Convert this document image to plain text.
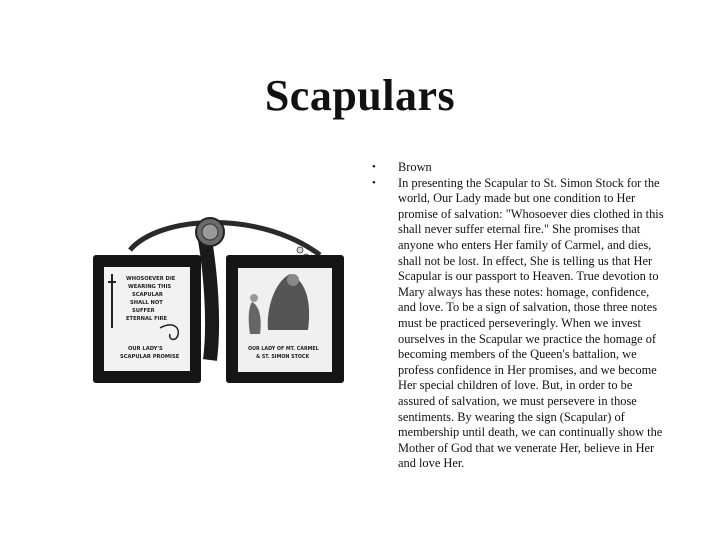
Scapulars
WHOSOEVER DIE
WEARING THIS
SCAPULAR
SHALL NOT
SUFFER
ETERNAL FIRE
OUR LADY'S
SCAPULAR PROMISE
OUR LADY OF MT. CARMEL
& ST. SIMON STOCK
• Brown
• In presenting the Scapular to St. Simon Stock for the world, Our Lady made but one condition to Her promise of salvation: "Whosoever dies clothed in this shall never suffer eternal fire." She promises that anyone who enters Her family of Carmel, and dies, shall not be lost. In effect, She is telling us that Her Scapular is our passport to Heaven. True devotion to Mary always has these notes: homage, confidence, and love. To be a sign of salvation, those three notes must be practiced perseveringly. When we invest ourselves in the Scapular we practice the homage of becoming members of the Queen's battalion, we profess confidence in Her promises, and we become Her special children of love. But, in order to be assured of salvation, we must persevere in those sentiments. By wearing the sign (Scapular) of membership until death, we can continually show the Mother of God that we venerate Her, believe in Her and love Her.
